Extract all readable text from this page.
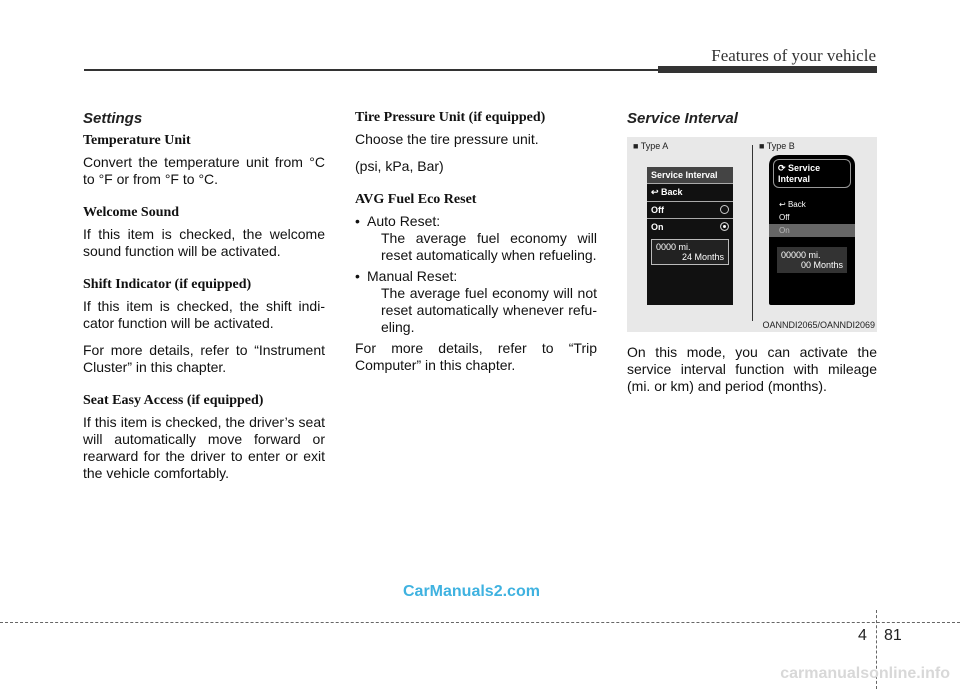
Features of your vehicle
Settings
Temperature Unit
Convert the temperature unit from °C to °F or from °F to °C.
Welcome Sound
If this item is checked, the welcome sound function will be activated.
Shift Indicator (if equipped)
If this item is checked, the shift indi- cator function will be activated.
For more details, refer to “Instrument Cluster” in this chapter.
Seat Easy Access (if equipped)
If this item is checked, the driver’s seat will automatically move forward or rearward for the driver to enter or exit the vehicle comfortably.
Tire Pressure Unit (if equipped)
Choose the tire pressure unit.
(psi, kPa, Bar)
AVG Fuel Eco Reset
• Auto Reset:
The average fuel economy will reset automatically when refueling.
• Manual Reset:
The average fuel economy will not reset automatically whenever refu- eling.
For more details, refer to “Trip Computer” in this chapter.
Service Interval
■ Type A	■ Type B
Service Interval
↩ Back
Off
On
0000 mi.
24 Months
⟳ Service Interval
↩ Back
Off
On
00000 mi.
00 Months
OANNDI2065/OANNDI2069
On this mode, you can activate the service interval function with mileage (mi. or km) and period (months).
CarManuals2.com
4 81
carmanualsonline.info
